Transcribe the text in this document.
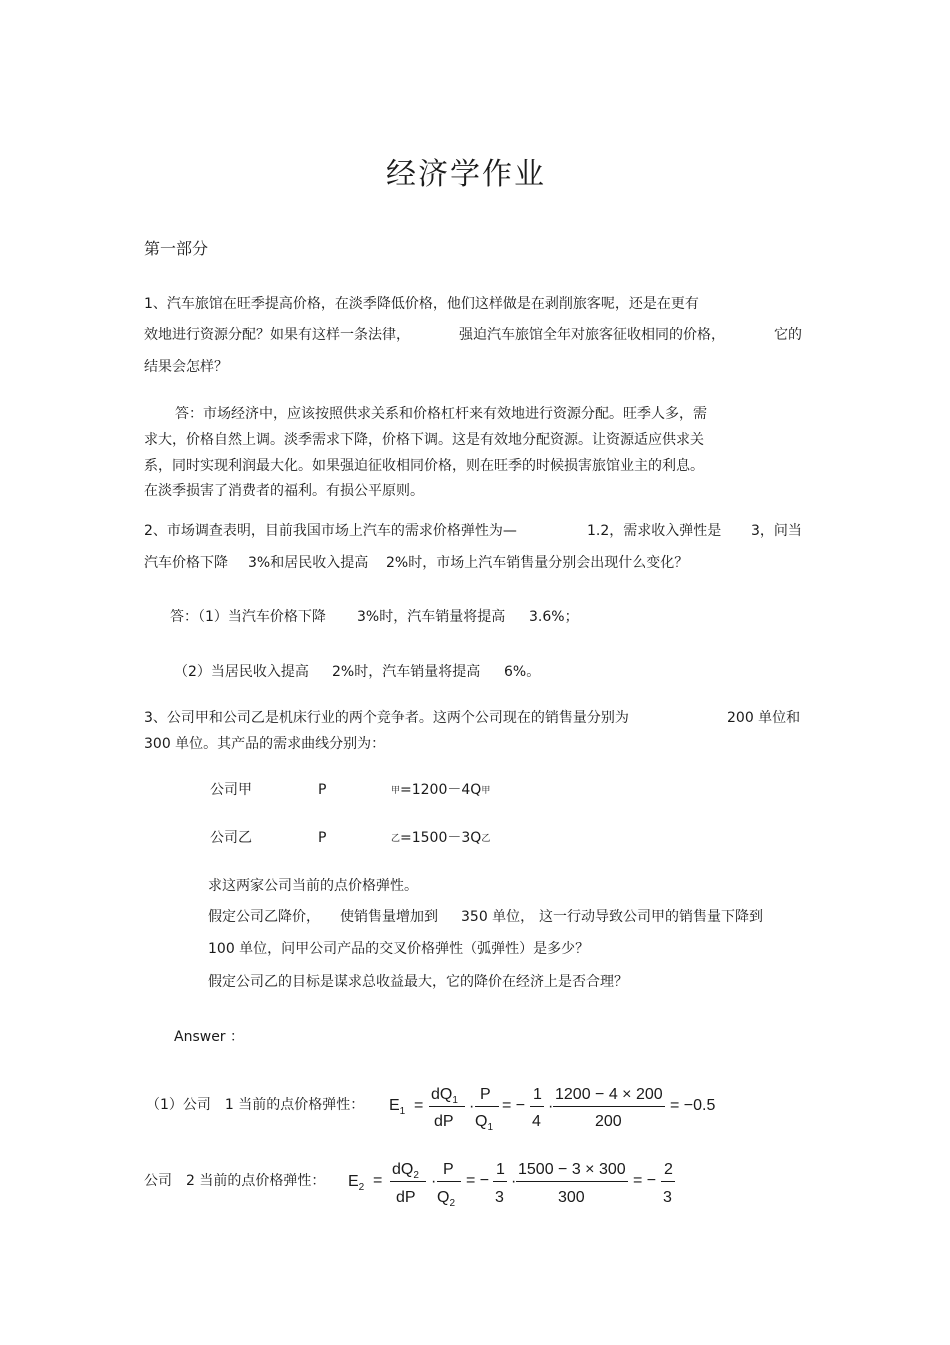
经济学作业
第一部分
1、汽车旅馆在旺季提高价格，在淡季降低价格，他们这样做是在剥削旅客呢，还是在更有
效地进行资源分配？如果有这样一条法律，	强迫汽车旅馆全年对旅客征收相同的价格，	它的
结果会怎样？
答：市场经济中，应该按照供求关系和价格杠杆来有效地进行资源分配。旺季人多，需
求大，价格自然上调。淡季需求下降，价格下调。这是有效地分配资源。让资源适应供求关
系，同时实现利润最大化。如果强迫征收相同价格，则在旺季的时候损害旅馆业主的利息。
在淡季损害了消费者的福利。有损公平原则。
2、市场调查表明，目前我国市场上汽车的需求价格弹性为—	1.2，需求收入弹性是 3，问当
汽车价格下降 3%和居民收入提高 2%时，市场上汽车销售量分别会出现什么变化？
答：（1）当汽车价格下降 3%时，汽车销量将提高 3.6%；
（2）当居民收入提高 2%时，汽车销量将提高 6%。
3、公司甲和公司乙是机床行业的两个竞争者。这两个公司现在的销售量分别为	200 单位和
300 单位。其产品的需求曲线分别为：
公司甲	P	甲=1200－4Q甲
公司乙	P	乙=1500－3Q乙
求这两家公司当前的点价格弹性。
假定公司乙降价， 使销售量增加到 350 单位， 这一行动导致公司甲的销售量下降到
100 单位，问甲公司产品的交叉价格弹性（弧弹性）是多少？
假定公司乙的目标是谋求总收益最大，它的降价在经济上是否合理？
Answer ：
（1）公司　1 当前的点价格弹性： $E_1$ =
$dQ_1$
dP
·
P
$Q_1$
= −
1
4
·
1200 − 4 × 200
200
= −0.5
公司　2 当前的点价格弹性： $E_2$ =
$dQ_2$
dP
·
P
$Q_2$
= −
1
3
·
1500 − 3 × 300
300
= −
2
3
